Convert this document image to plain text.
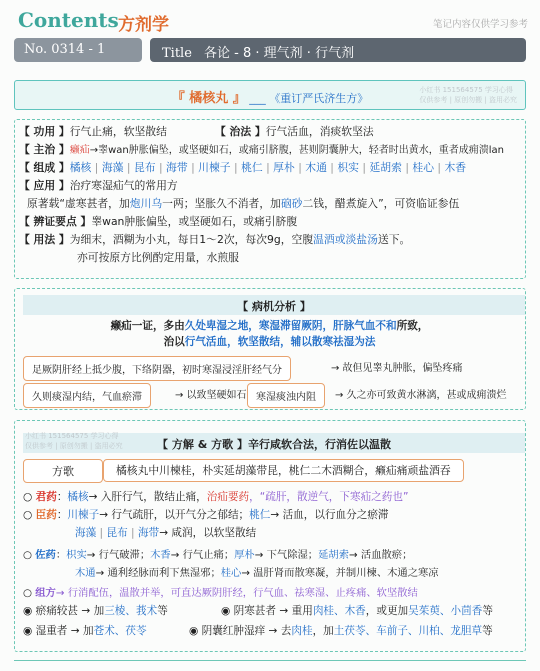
Contents 方剂学	笔记内容仅供学习参考
No. 0314 - 1	Title 各论 - 8 · 理气剂 · 行气剂
『 橘核丸 』 ___ 《重订严氏济生方》
小红书 151564575 学习心得
仅供参考 | 原创勿搬 | 盗用必究
【 功用 】行气止痛，软坚散结	【 治法 】行气活血，消痰软坚法
【 主治 】癞疝→睾wan肿胀偏坠，或坚硬如石，或痛引脐腹，甚则阴囊肿大，轻者时出黄水，重者成痈溃lan
【 组成 】橘核 | 海藻 | 昆布 | 海带 | 川楝子 | 桃仁 | 厚朴 | 木通 | 枳实 | 延胡索 | 桂心 | 木香
【 应用 】治疗寒湿疝气的常用方
原著载“虚寒甚者，加炮川乌一两；坚胀久不消者，加硇砂二钱，醋煮旋入”，可资临证参伍
【 辨证要点 】睾wan肿胀偏坠，或坚硬如石，或痛引脐腹
【 用法 】为细末，酒糊为小丸，每日1～2次，每次9g，空腹温酒或淡盐汤送下。
亦可按原方比例酌定用量，水煎服
【 病机分析 】
癞疝一证，多由久处卑湿之地，寒湿滞留厥阴，肝脉气血不和所致，
治以行气活血，软坚散结，辅以散寒祛湿为法
足厥阴肝经上抵少腹，下络阴器，初时寒湿浸淫肝经气分	→ 故但见睾丸肿胀，偏坠疼痛
久则痰湿内结，气血瘀滞	→ 以致坚硬如石 寒湿痰浊内阻	→ 久之亦可致黄水淋漓，甚或成痈溃烂
【 方解 & 方歌 】辛行咸软合法，行消佐以温散
小红书 151564575 学习心得
仅供参考 | 原创勿搬 | 盗用必究
方歌	橘核丸中川楝桂，朴实延胡藻带昆，桃仁二木酒糊合，癞疝痛顽盐酒吞
○ 君药：橘核→ 入肝行气，散结止痛，治疝要药，“疏肝，散逆气，下寒疝之药也”
○ 臣药：川楝子→ 行气疏肝，以开气分之郁结；桃仁→ 活血，以行血分之瘀滞
海藻 | 昆布 | 海带→ 咸润，以软坚散结
○ 佐药：枳实→ 行气破滞；木香→ 行气止痛；厚朴→ 下气除湿；延胡索→ 活血散瘀；
木通→ 通利经脉而利下焦湿邪；桂心→ 温肝肾而散寒凝，并制川楝、木通之寒凉
○ 组方→ 行消配伍，温散并举，可直达厥阴肝经，行气血、祛寒湿、止疼痛、软坚散结
◉ 瘀痛较甚 → 加三棱、莪术等	◉ 阴寒甚者 → 重用肉桂、木香，或更加吴茱萸、小茴香等
◉ 湿重者 → 加苍术、茯苓	◉ 阴囊红肿湿痒 → 去肉桂，加土茯苓、车前子、川柏、龙胆草等
